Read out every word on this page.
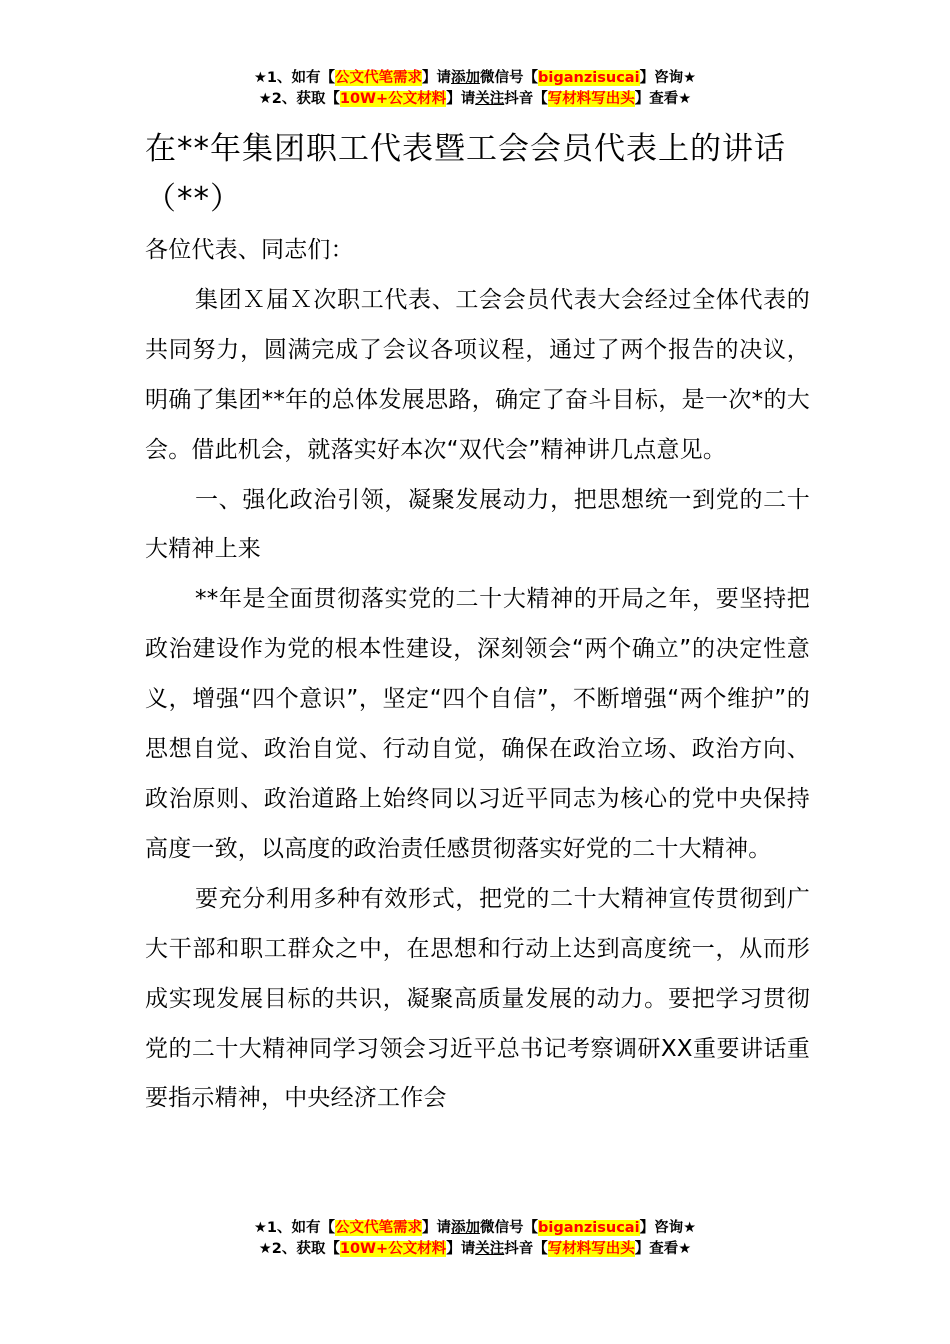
★1、如有【公文代笔需求】请添加微信号【biganzisucai】咨询★
★2、获取【10W+公文材料】请关注抖音【写材料写出头】查看★
在**年集团职工代表暨工会会员代表上的讲话（**）

各位代表、同志们：

集团Ｘ届Ｘ次职工代表、工会会员代表大会经过全体代表的共同努力，圆满完成了会议各项议程，通过了两个报告的决议，明确了集团**年的总体发展思路，确定了奋斗目标，是一次*的大会。借此机会，就落实好本次“双代会”精神讲几点意见。

一、强化政治引领，凝聚发展动力，把思想统一到党的二十大精神上来

**年是全面贯彻落实党的二十大精神的开局之年，要坚持把政治建设作为党的根本性建设，深刻领会“两个确立”的决定性意义，增强“四个意识”，坚定“四个自信”，不断增强“两个维护”的思想自觉、政治自觉、行动自觉，确保在政治立场、政治方向、政治原则、政治道路上始终同以习近平同志为核心的党中央保持高度一致，以高度的政治责任感贯彻落实好党的二十大精神。

要充分利用多种有效形式，把党的二十大精神宣传贯彻到广大干部和职工群众之中，在思想和行动上达到高度统一，从而形成实现发展目标的共识，凝聚高质量发展的动力。要把学习贯彻党的二十大精神同学习领会习近平总书记考察调研XX重要讲话重要指示精神，中央经济工作会

★1、如有【公文代笔需求】请添加微信号【biganzisucai】咨询★
★2、获取【10W+公文材料】请关注抖音【写材料写出头】查看★
